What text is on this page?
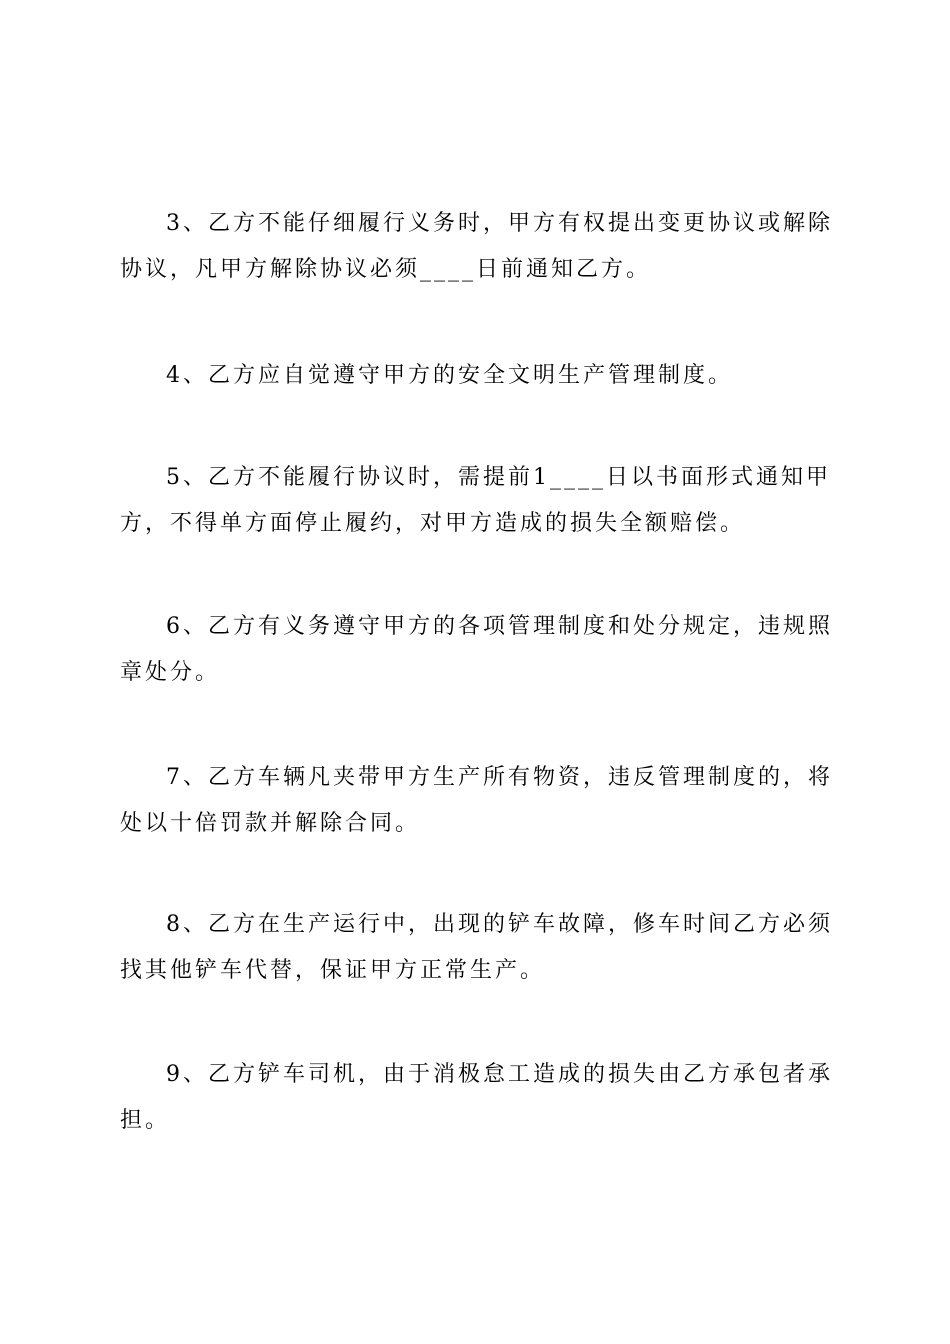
3、乙方不能仔细履行义务时，甲方有权提出变更协议或解除协议，凡甲方解除协议必须____日前通知乙方。

4、乙方应自觉遵守甲方的安全文明生产管理制度。

5、乙方不能履行协议时，需提前1____日以书面形式通知甲方，不得单方面停止履约，对甲方造成的损失全额赔偿。

6、乙方有义务遵守甲方的各项管理制度和处分规定，违规照章处分。

7、乙方车辆凡夹带甲方生产所有物资，违反管理制度的，将处以十倍罚款并解除合同。

8、乙方在生产运行中，出现的铲车故障，修车时间乙方必须找其他铲车代替，保证甲方正常生产。

9、乙方铲车司机，由于消极怠工造成的损失由乙方承包者承担。
